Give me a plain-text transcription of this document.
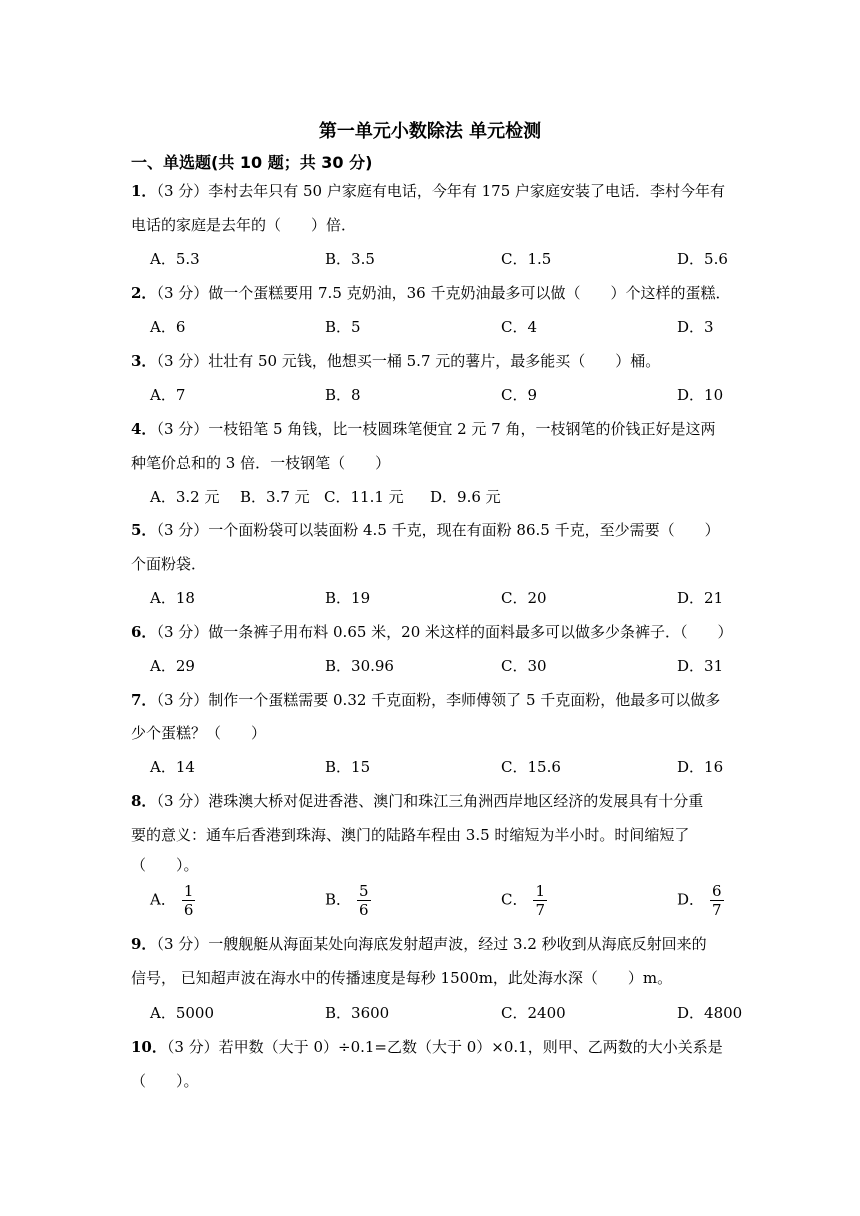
第一单元小数除法 单元检测
一、单选题(共 10 题；共 30 分)
1．（3 分）李村去年只有 50 户家庭有电话，今年有 175 户家庭安装了电话．李村今年有
电话的家庭是去年的（　　）倍．
A．5.3	B．3.5	C．1.5	D．5.6
2．（3 分）做一个蛋糕要用 7.5 克奶油，36 千克奶油最多可以做（　　）个这样的蛋糕．
A．6	B．5	C．4	D．3
3．（3 分）壮壮有 50 元钱，他想买一桶 5.7 元的薯片，最多能买（　　）桶。
A．7	B．8	C．9	D．10
4．（3 分）一枝铅笔 5 角钱，比一枝圆珠笔便宜 2 元 7 角，一枝钢笔的价钱正好是这两
种笔价总和的 3 倍．一枝钢笔（　　）
A．3.2 元 B．3.7 元 C．11.1 元 D．9.6 元
5．（3 分）一个面粉袋可以装面粉 4.5 千克，现在有面粉 86.5 千克，至少需要（　　）
个面粉袋．
A．18	B．19	C．20	D．21
6．（3 分）做一条裤子用布料 0.65 米，20 米这样的面料最多可以做多少条裤子．（　　）
A．29	B．30.96	C．30	D．31
7．（3 分）制作一个蛋糕需要 0.32 千克面粉，李师傅领了 5 千克面粉，他最多可以做多
少个蛋糕？（　　）
A．14	B．15	C．15.6	D．16
8．（3 分）港珠澳大桥对促进香港、澳门和珠江三角洲西岸地区经济的发展具有十分重
要的意义：通车后香港到珠海、澳门的陆路车程由 3.5 时缩短为半小时。时间缩短了
（　　）。
A． $\frac{1}{6}$	B． $\frac{5}{6}$	C． $\frac{1}{7}$	D． $\frac{6}{7}$
9．（3 分）一艘舰艇从海面某处向海底发射超声波，经过 3.2 秒收到从海底反射回来的
信号， 已知超声波在海水中的传播速度是每秒 1500m，此处海水深（　　）m。
A．5000	B．3600	C．2400	D．4800
10．（3 分）若甲数（大于 0）÷0.1=乙数（大于 0）×0.1，则甲、乙两数的大小关系是
（　　）。
